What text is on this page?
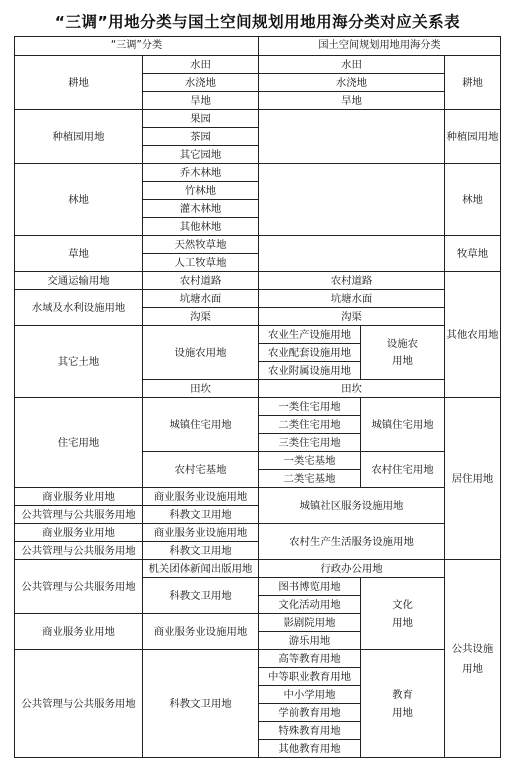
“三调”用地分类与国土空间规划用地用海分类对应关系表
“三调”分类		国土空间规划用地用海分类		
耕地	水田	水田		耕地
	水浇地	水浇地		
	旱地	旱地		
种植园用地	果园			种植园用地
	茶园			
	其它园地			
林地	乔木林地			林地
	竹林地			
	灌木林地			
	其他林地			
草地	天然牧草地			牧草地
	人工牧草地			
交通运输用地	农村道路	农村道路		其他农用地
水域及水利设施用地	坑塘水面	坑塘水面		
	沟渠	沟渠		
其它土地	设施农用地	农业生产设施用地	设施农用地	
		农业配套设施用地		
		农业附属设施用地		
	田坎	田坎		
住宅用地	城镇住宅用地	一类住宅用地	城镇住宅用地	居住用地
		二类住宅用地		
		三类住宅用地		
	农村宅基地	一类宅基地	农村住宅用地	
		二类宅基地		
商业服务业用地	商业服务业设施用地	城镇社区服务设施用地		
公共管理与公共服务用地	科教文卫用地			
商业服务业用地	商业服务业设施用地	农村生产生活服务设施用地		
公共管理与公共服务用地	科教文卫用地			
公共管理与公共服务用地	机关团体新闻出版用地	行政办公用地		公共设施用地
	科教文卫用地	图书博览用地	文化用地	
		文化活动用地		
商业服务业用地	商业服务业设施用地	影剧院用地		
		游乐用地		
公共管理与公共服务用地	科教文卫用地	高等教育用地	教育用地	
		中等职业教育用地		
		中小学用地		
		学前教育用地		
		特殊教育用地		
		其他教育用地		
